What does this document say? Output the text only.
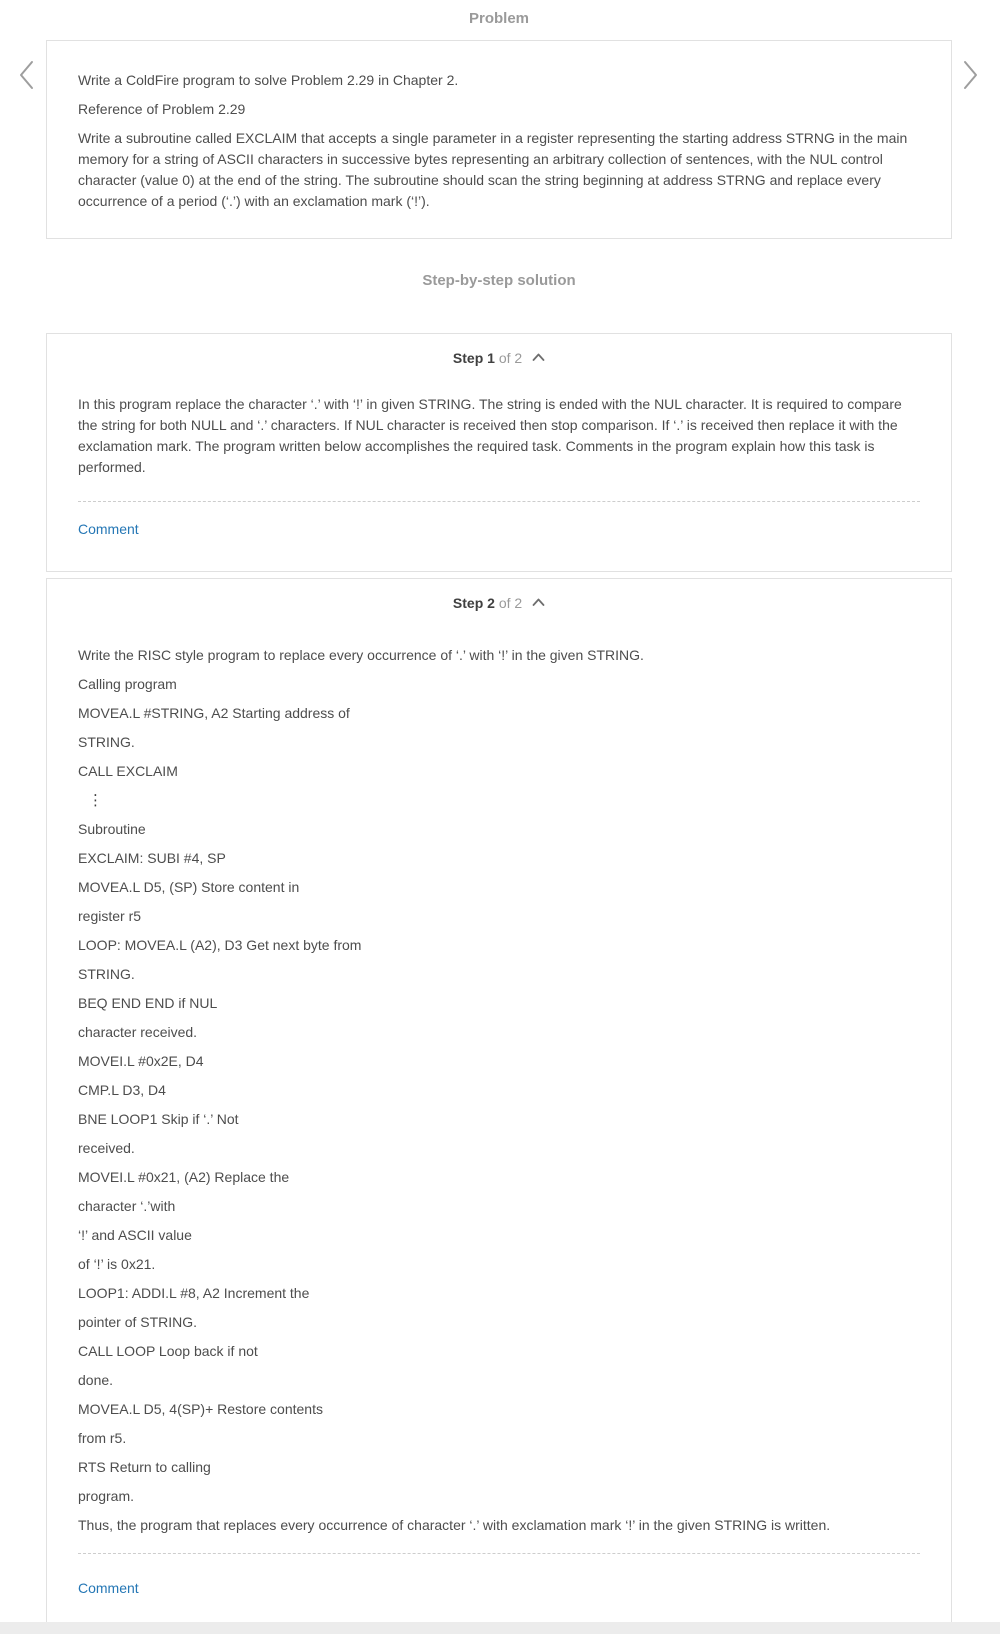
Problem

Write a ColdFire program to solve Problem 2.29 in Chapter 2.

Reference of Problem 2.29

Write a subroutine called EXCLAIM that accepts a single parameter in a register representing the starting address STRNG in the main memory for a string of ASCII characters in successive bytes representing an arbitrary collection of sentences, with the NUL control character (value 0) at the end of the string. The subroutine should scan the string beginning at address STRNG and replace every occurrence of a period (‘.’) with an exclamation mark (‘!’).

Step-by-step solution
Step 1 of 2

In this program replace the character ‘.’ with ‘!’ in given STRING. The string is ended with the NUL character. It is required to compare the string for both NULL and ‘.’ characters. If NUL character is received then stop comparison. If ‘.’ is received then replace it with the exclamation mark. The program written below accomplishes the required task. Comments in the program explain how this task is performed.

Comment
Step 2 of 2

Write the RISC style program to replace every occurrence of ‘.’ with ‘!’ in the given STRING.

Calling program

MOVEA.L #STRING, A2 Starting address of

STRING.

CALL EXCLAIM

⋮

Subroutine

EXCLAIM: SUBI #4, SP

MOVEA.L D5, (SP) Store content in

register r5

LOOP: MOVEA.L (A2), D3 Get next byte from

STRING.

BEQ END END if NUL

character received.

MOVEI.L #0x2E, D4

CMP.L D3, D4

BNE LOOP1 Skip if ‘.’ Not

received.

MOVEI.L #0x21, (A2) Replace the

character ‘.’with

‘!’ and ASCII value

of ‘!’ is 0x21.

LOOP1: ADDI.L #8, A2 Increment the

pointer of STRING.

CALL LOOP Loop back if not

done.

MOVEA.L D5, 4(SP)+ Restore contents

from r5.

RTS Return to calling

program.

Thus, the program that replaces every occurrence of character ‘.’ with exclamation mark ‘!’ in the given STRING is written.

Comment
